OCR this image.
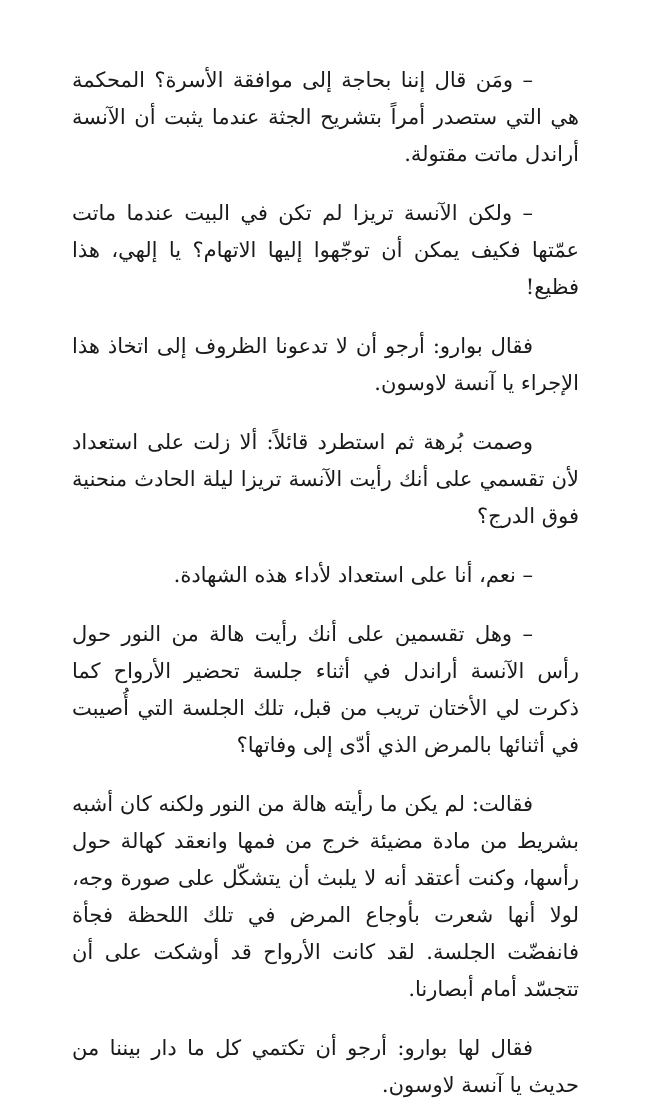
– ومَن قال إننا بحاجة إلى موافقة الأسرة؟ المحكمة هي التي ستصدر أمراً بتشريح الجثة عندما يثبت أن الآنسة أراندل ماتت مقتولة.

– ولكن الآنسة تريزا لم تكن في البيت عندما ماتت عمّتها فكيف يمكن أن توجّهوا إليها الاتهام؟ يا إلهي، هذا فظيع!

فقال بوارو: أرجو أن لا تدعونا الظروف إلى اتخاذ هذا الإجراء يا آنسة لاوسون.

وصمت بُرهة ثم استطرد قائلاً: ألا زلت على استعداد لأن تقسمي على أنك رأيت الآنسة تريزا ليلة الحادث منحنية فوق الدرج؟

– نعم، أنا على استعداد لأداء هذه الشهادة.

– وهل تقسمين على أنك رأيت هالة من النور حول رأس الآنسة أراندل في أثناء جلسة تحضير الأرواح كما ذكرت لي الأختان تريب من قبل، تلك الجلسة التي أُصيبت في أثنائها بالمرض الذي أدّى إلى وفاتها؟

فقالت: لم يكن ما رأيته هالة من النور ولكنه كان أشبه بشريط من مادة مضيئة خرج من فمها وانعقد كهالة حول رأسها، وكنت أعتقد أنه لا يلبث أن يتشكّل على صورة وجه، لولا أنها شعرت بأوجاع المرض في تلك اللحظة فجأة فانفضّت الجلسة. لقد كانت الأرواح قد أوشكت على أن تتجسّد أمام أبصارنا.

فقال لها بوارو: أرجو أن تكتمي كل ما دار بيننا من حديث يا آنسة لاوسون.
